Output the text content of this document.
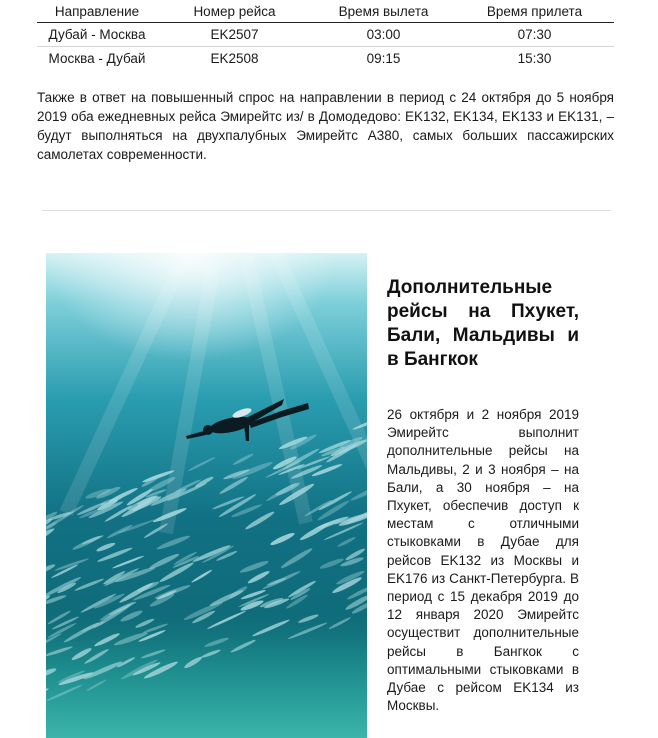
Направление	Номер рейса	Время вылета	Время прилета
Дубай - Москва	EK2507	03:00	07:30
Москва - Дубай	EK2508	09:15	15:30

Также в ответ на повышенный спрос на направлении в период с 24 октября до 5 ноября 2019 оба ежедневных рейса Эмирейтс из/ в Домодедово: EK132, EK134, EK133 и EK131, – будут выполняться на двухпалубных Эмирейтс А380, самых больших пассажирских самолетах современности.

Дополнительные рейсы на Пхукет, Бали, Мальдивы и в Бангкок

26 октября и 2 ноября 2019 Эмирейтс выполнит дополнительные рейсы на Мальдивы, 2 и 3 ноября – на Бали, а 30 ноября – на Пхукет, обеспечив доступ к местам с отличными стыковками в Дубае для рейсов EK132 из Москвы и EK176 из Санкт-Петербурга. В период с 15 декабря 2019 до 12 января 2020 Эмирейтс осуществит дополнительные рейсы в Бангкок с оптимальными стыковками в Дубае с рейсом EK134 из Москвы.
